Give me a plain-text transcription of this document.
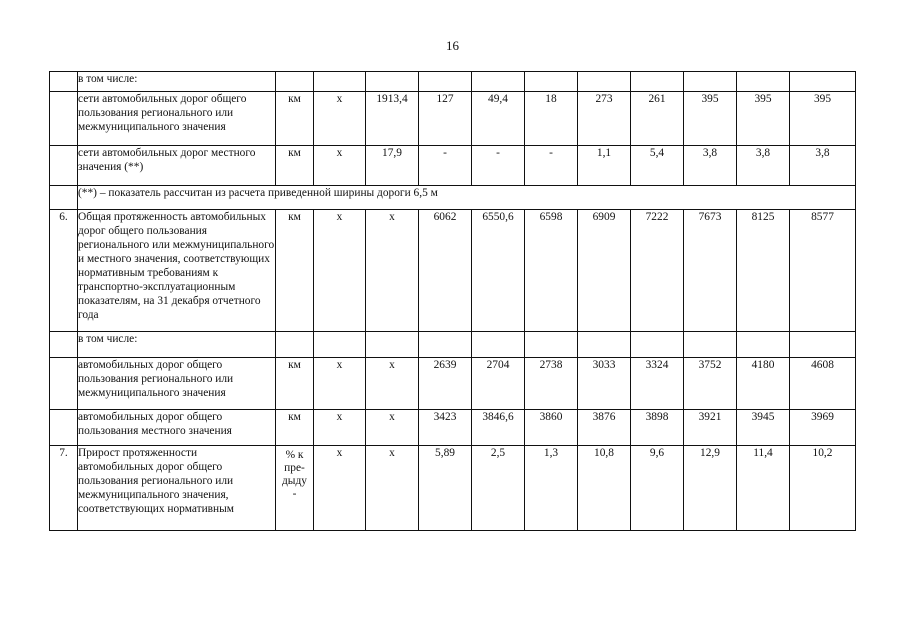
16
	в том числе:											
	сети автомобильных дорог общего пользования регионального или межмуниципального значения	км	х	1913,4	127	49,4	18	273	261	395	395	395
	сети автомобильных дорог местного значения (**)	км	х	17,9	-	-	-	1,1	5,4	3,8	3,8	3,8
	(**) – показатель рассчитан из расчета приведенной ширины дороги 6,5 м											
6.	Общая протяженность автомобильных дорог общего пользования регионального или межмуниципального и местного значения, соответствующих нормативным требованиям к транспортно-эксплуатационным показателям, на 31 декабря отчетного года	км	х	х	6062	6550,6	6598	6909	7222	7673	8125	8577
	в том числе:											
	автомобильных дорог общего пользования регионального или межмуниципального значения	км	х	х	2639	2704	2738	3033	3324	3752	4180	4608
	автомобильных дорог общего пользования местного значения	км	х	х	3423	3846,6	3860	3876	3898	3921	3945	3969
7.	Прирост протяженности автомобильных дорог общего пользования регионального или межмуниципального значения, соответствующих нормативным	% к пре-дыду -	х	х	5,89	2,5	1,3	10,8	9,6	12,9	11,4	10,2
